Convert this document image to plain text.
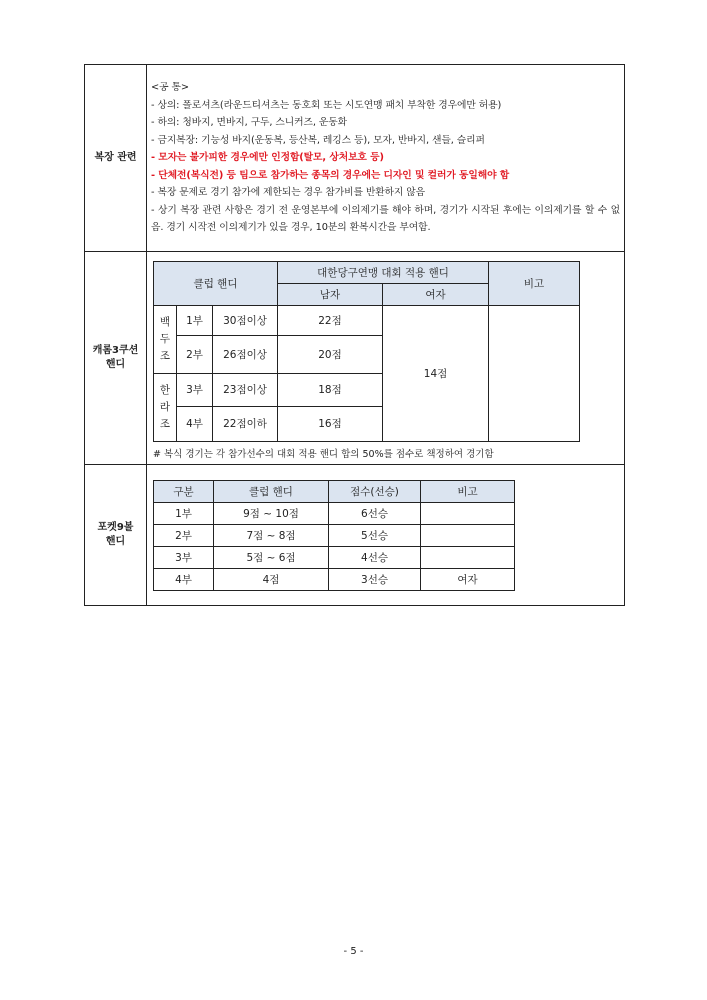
복장 관련	
<공 통>
- 상의: 폴로셔츠(라운드티셔츠는 동호회 또는 시도연맹 패치 부착한 경우에만 허용)
- 하의: 청바지, 면바지, 구두, 스니커즈, 운동화
- 금지복장: 기능성 바지(운동복, 등산복, 레깅스 등), 모자, 반바지, 샌들, 슬리퍼
- 모자는 불가피한 경우에만 인정함(탈모, 상처보호 등)
- 단체전(복식전) 등 팀으로 참가하는 종목의 경우에는 디자인 및 컬러가 동일해야 함
- 복장 문제로 경기 참가에 제한되는 경우 참가비를 반환하지 않음
- 상기 복장 관련 사항은 경기 전 운영본부에 이의제기를 해야 하며, 경기가 시작된 후에는 이의제기를 할 수 없음. 경기 시작전 이의제기가 있을 경우, 10분의 환복시간을 부여함.

캐롬3쿠션
핸디	
클럽 핸디	대한당구연맹 대회 적용 핸디	비고
남자	여자
백
두
조	1부	30점이상	22점	14점	
2부	26점이상	20점
한
라
조	3부	23점이상	18점
4부	22점이하	16점
# 복식 경기는 각 참가선수의 대회 적용 핸디 합의 50%를 점수로 책정하여 경기함

포켓9볼
핸디	
구분	클럽 핸디	점수(선승)	비고
1부	9점 ~ 10점	6선승	
2부	7점 ~ 8점	5선승	
3부	5점 ~ 6점	4선승	
4부	4점	3선승	여자
- 5 -
